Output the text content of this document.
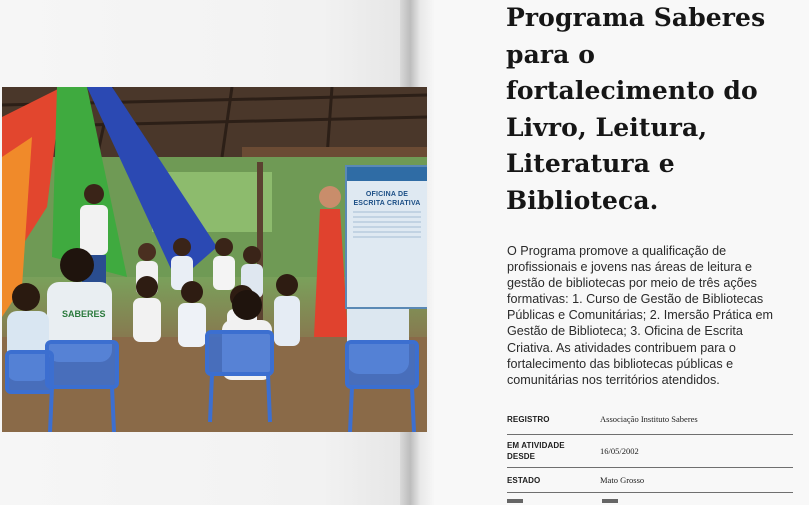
SABERES
OFICINA DE
ESCRITA CRIATIVA
Programa Saberes para o fortalecimento do Livro, Leitura, Literatura e Biblioteca.

O Programa promove a qualificação de profissionais e jovens nas áreas de leitura e gestão de bibliotecas por meio de três ações formativas: 1. Curso de Gestão de Bibliotecas Públicas e Comunitárias; 2. Imersão Prática em Gestão de Biblioteca; 3. Oficina de Escrita Criativa. As atividades contribuem para o fortalecimento das bibliotecas públicas e comunitárias nos territórios atendidos.

REGISTRO	Associação Instituto Saberes

EM ATIVIDADE
DESDE	16/05/2002

ESTADO	Mato Grosso
